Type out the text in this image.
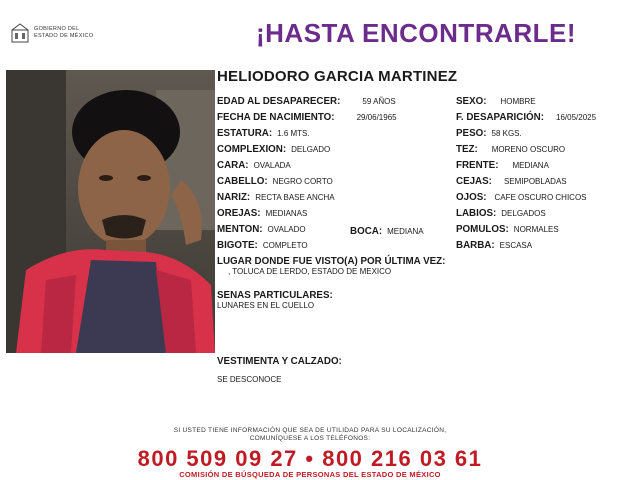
GOBIERNO DEL
ESTADO DE MÉXICO	¡HASTA ENCONTRARLE!
HELIODORO GARCIA MARTINEZ
EDAD AL DESAPARECER:	59 AÑOS
FECHA DE NACIMIENTO:	29/06/1965
ESTATURA: 1.6 MTS.
COMPLEXION: DELGADO
CARA: OVALADA
CABELLO: NEGRO CORTO
NARIZ: RECTA BASE ANCHA
OREJAS: MEDIANAS
MENTON: OVALADO	BOCA: MEDIANA
BIGOTE: COMPLETO
SEXO: HOMBRE
F. DESAPARICIÓN: 16/05/2025
PESO: 58 KGS.
TEZ: MORENO OSCURO
FRENTE: MEDIANA
CEJAS: SEMIPOBLADAS
OJOS: CAFE OSCURO CHICOS
LABIOS: DELGADOS
POMULOS: NORMALES
BARBA: ESCASA
LUGAR DONDE FUE VISTO(A) POR ÚLTIMA VEZ:
, TOLUCA DE LERDO, ESTADO DE MEXICO
SENAS PARTICULARES:
LUNARES EN EL CUELLO
VESTIMENTA Y CALZADO:
SE DESCONOCE
SI USTED TIENE INFORMACIÓN QUE SEA DE UTILIDAD PARA SU LOCALIZACIÓN,
COMUNÍQUESE A LOS TELÉFONOS:
800 509 09 27 • 800 216 03 61
COMISIÓN DE BÚSQUEDA DE PERSONAS DEL ESTADO DE MÉXICO
